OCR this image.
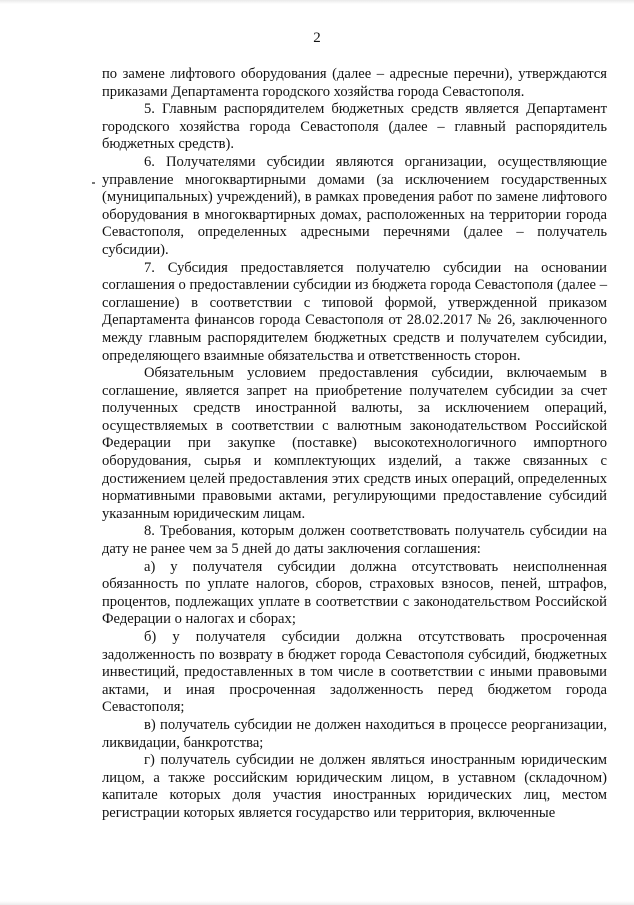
2

по замене лифтового оборудования (далее – адресные перечни), утверждаются приказами Департамента городского хозяйства города Севастополя.

5. Главным распорядителем бюджетных средств является Департамент городского хозяйства города Севастополя (далее – главный распорядитель бюджетных средств).

6. Получателями субсидии являются организации, осуществляющие управление многоквартирными домами (за исключением государственных (муниципальных) учреждений), в рамках проведения работ по замене лифтового оборудования в многоквартирных домах, расположенных на территории города Севастополя, определенных адресными перечнями (далее – получатель субсидии).

7. Субсидия предоставляется получателю субсидии на основании соглашения о предоставлении субсидии из бюджета города Севастополя (далее – соглашение) в соответствии с типовой формой, утвержденной приказом Департамента финансов города Севастополя от 28.02.2017 № 26, заключенного между главным распорядителем бюджетных средств и получателем субсидии, определяющего взаимные обязательства и ответственность сторон.

Обязательным условием предоставления субсидии, включаемым в соглашение, является запрет на приобретение получателем субсидии за счет полученных средств иностранной валюты, за исключением операций, осуществляемых в соответствии с валютным законодательством Российской Федерации при закупке (поставке) высокотехнологичного импортного оборудования, сырья и комплектующих изделий, а также связанных с достижением целей предоставления этих средств иных операций, определенных нормативными правовыми актами, регулирующими предоставление субсидий указанным юридическим лицам.

8. Требования, которым должен соответствовать получатель субсидии на дату не ранее чем за 5 дней до даты заключения соглашения:

а) у получателя субсидии должна отсутствовать неисполненная обязанность по уплате налогов, сборов, страховых взносов, пеней, штрафов, процентов, подлежащих уплате в соответствии с законодательством Российской Федерации о налогах и сборах;

б) у получателя субсидии должна отсутствовать просроченная задолженность по возврату в бюджет города Севастополя субсидий, бюджетных инвестиций, предоставленных в том числе в соответствии с иными правовыми актами, и иная просроченная задолженность перед бюджетом города Севастополя;

в) получатель субсидии не должен находиться в процессе реорганизации, ликвидации, банкротства;

г) получатель субсидии не должен являться иностранным юридическим лицом, а также российским юридическим лицом, в уставном (складочном) капитале которых доля участия иностранных юридических лиц, местом регистрации которых является государство или территория, включенные
